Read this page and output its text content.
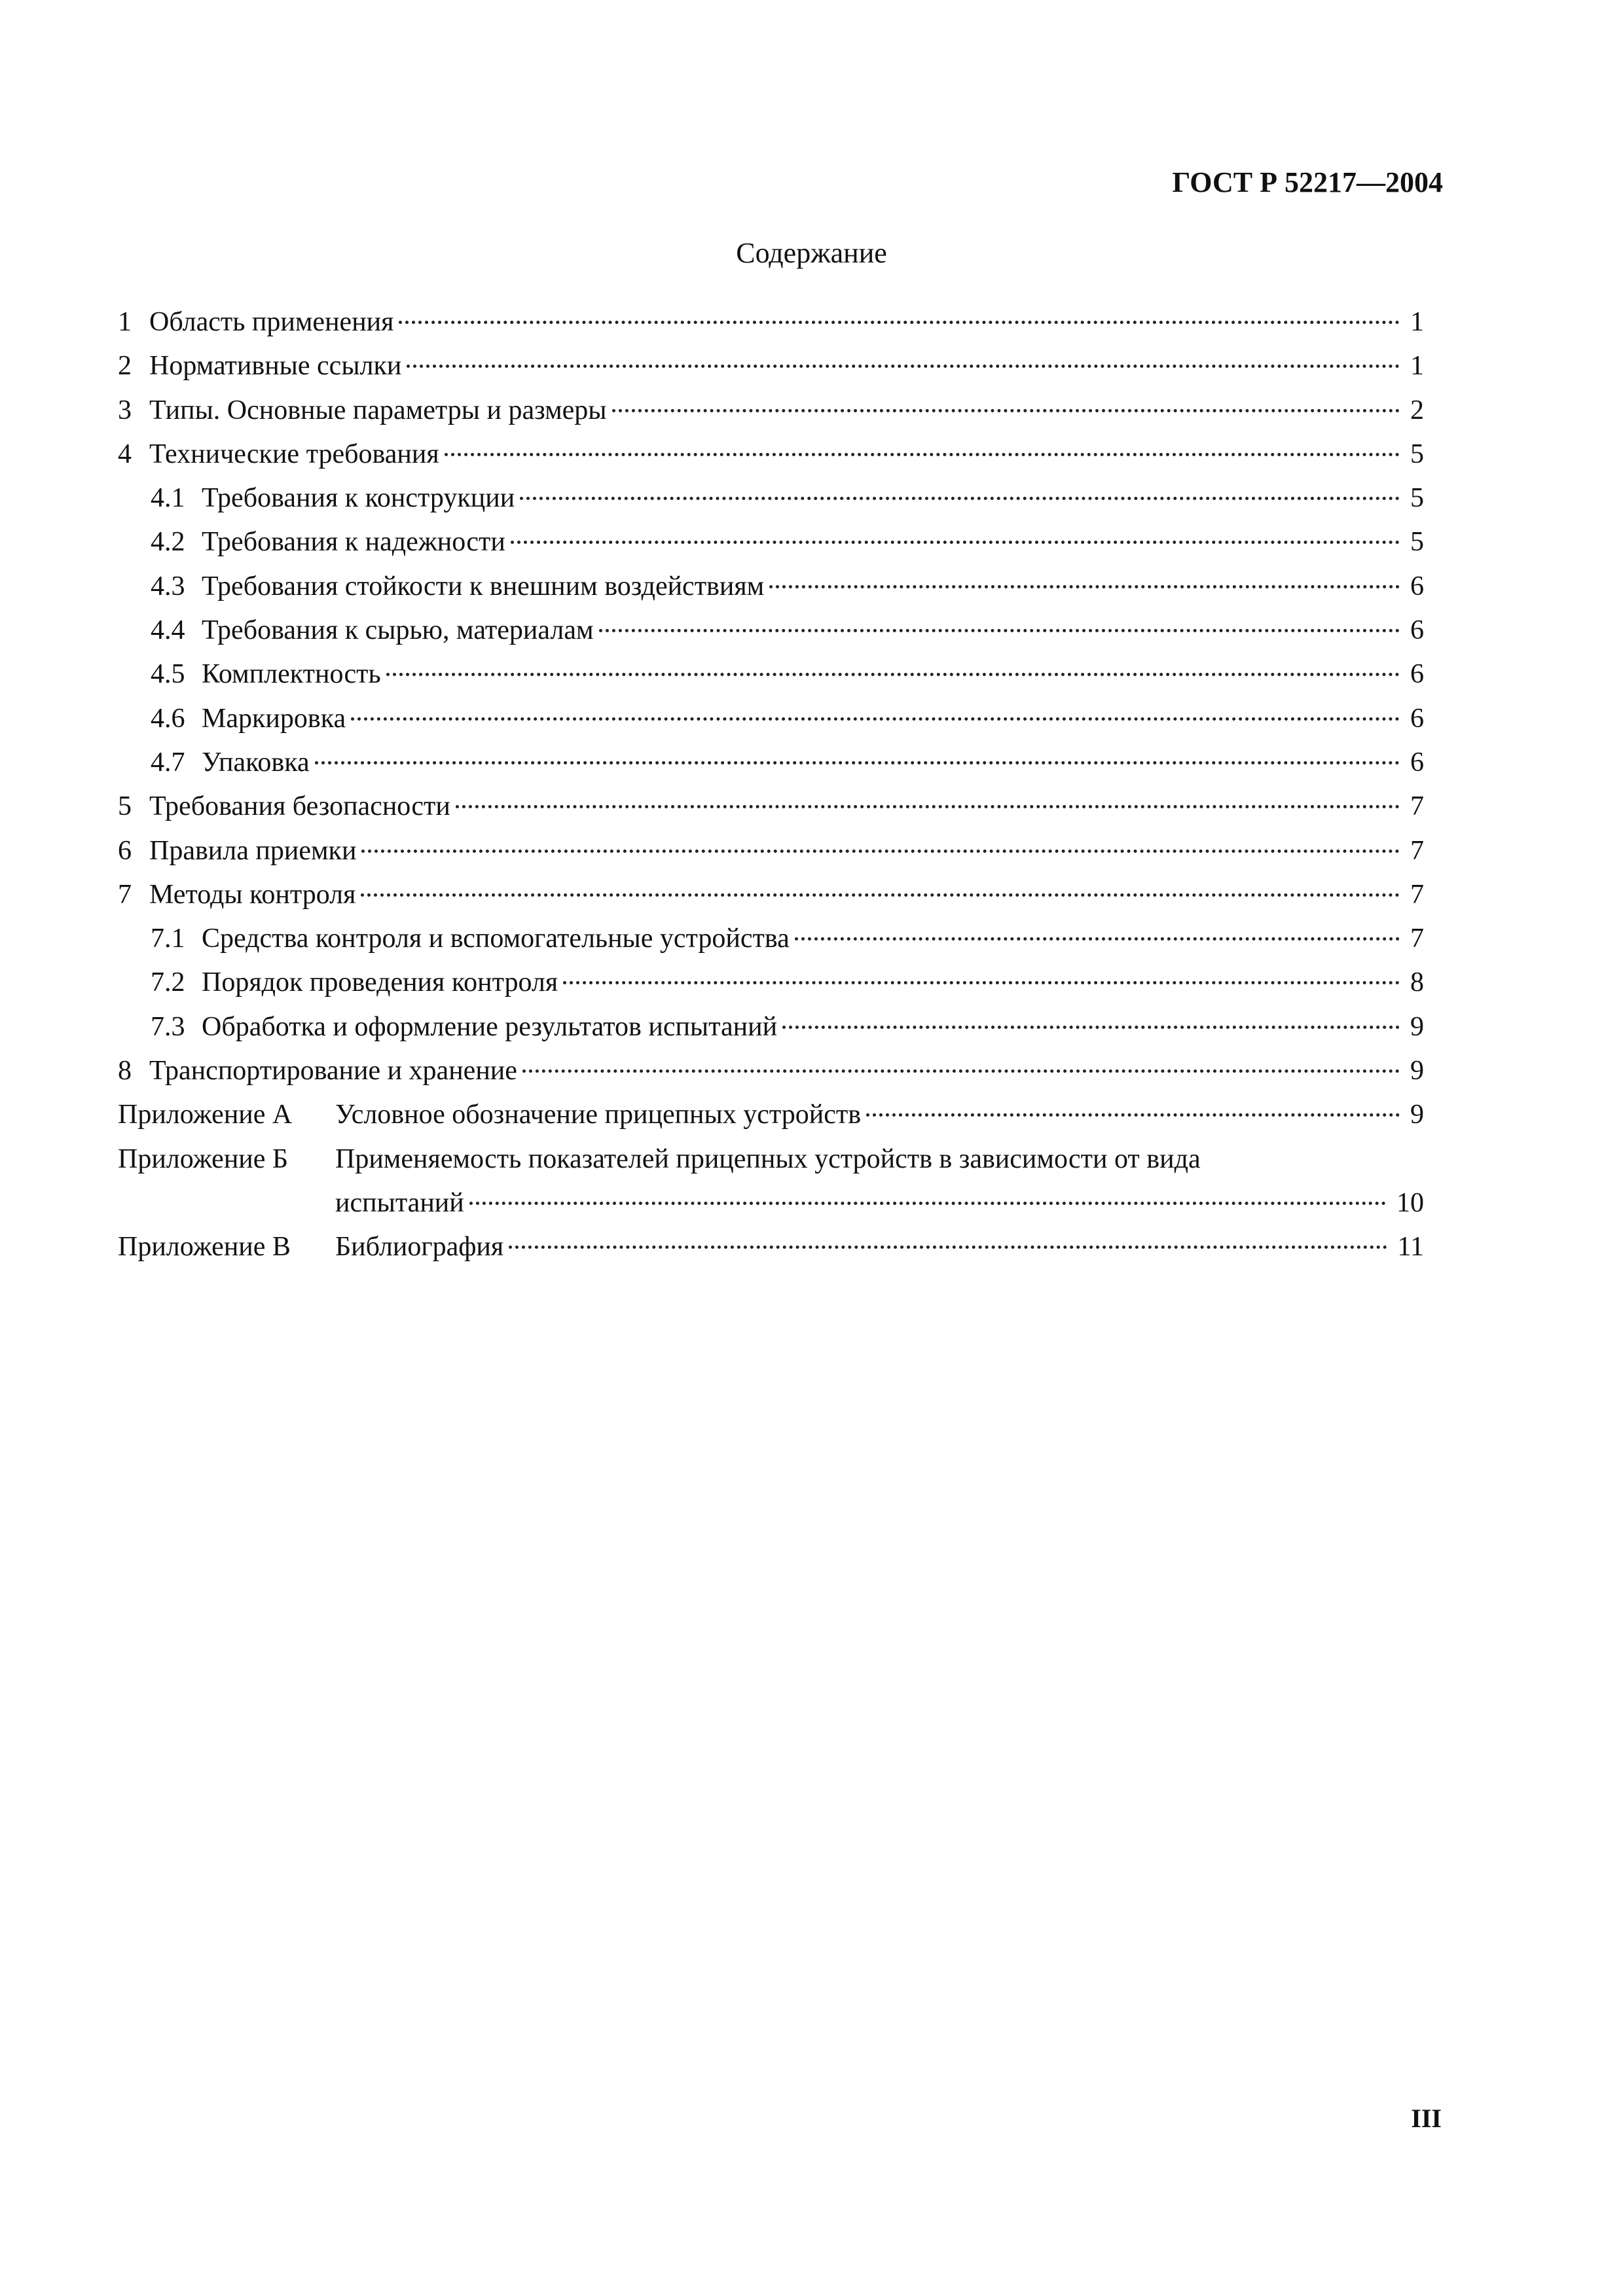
ГОСТ Р 52217—2004
Содержание
1 Область применения	1
2 Нормативные ссылки	1
3 Типы. Основные параметры и размеры	2
4 Технические требования	5
4.1 Требования к конструкции	5
4.2 Требования к надежности	5
4.3 Требования стойкости к внешним воздействиям	6
4.4 Требования к сырью, материалам	6
4.5 Комплектность	6
4.6 Маркировка	6
4.7 Упаковка	6
5 Требования безопасности	7
6 Правила приемки	7
7 Методы контроля	7
7.1 Средства контроля и вспомогательные устройства	7
7.2 Порядок проведения контроля	8
7.3 Обработка и оформление результатов испытаний	9
8 Транспортирование и хранение	9
Приложение А	Условное обозначение прицепных устройств	9
Приложение Б	Применяемость показателей прицепных устройств в зависимости от вида
испытаний	10
Приложение В	Библиография	11
III
